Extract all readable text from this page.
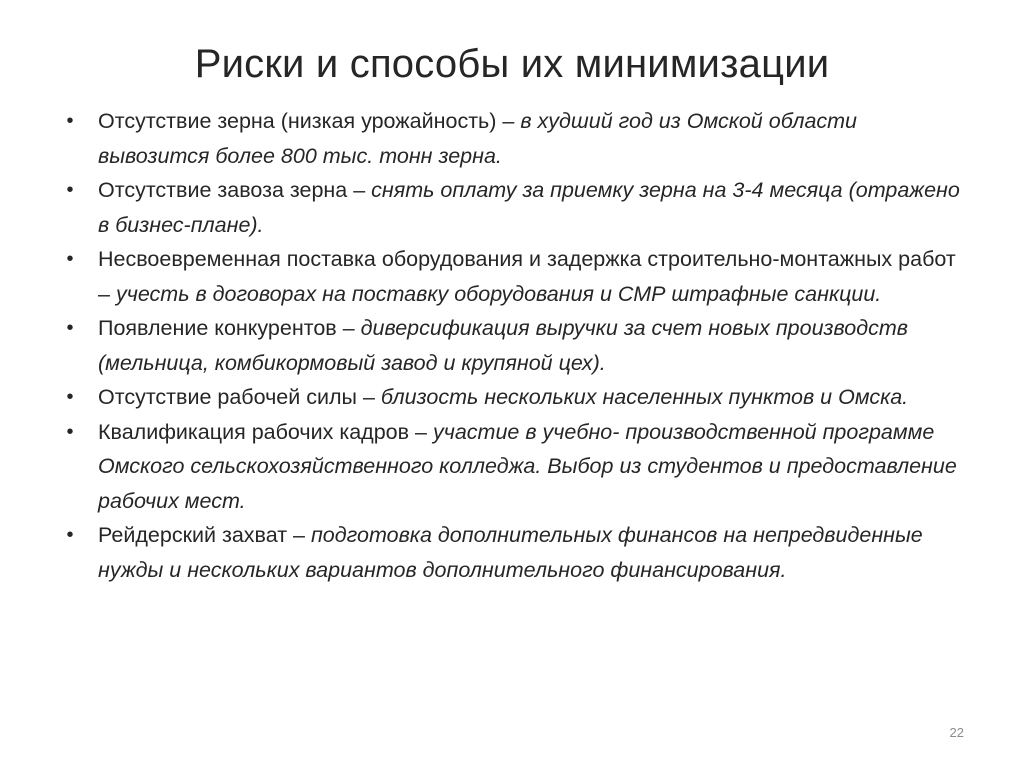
Риски и способы их минимизации
•	Отсутствие зерна (низкая урожайность) – в худший год из Омской области вывозится более 800 тыс. тонн зерна.
•	Отсутствие завоза зерна – снять оплату за приемку зерна на 3-4 месяца (отражено в бизнес-плане).
•	Несвоевременная поставка оборудования и задержка строительно-монтажных работ – учесть в договорах на поставку оборудования и СМР штрафные санкции.
•	Появление конкурентов – диверсификация выручки за счет новых производств (мельница, комбикормовый завод и крупяной цех).
•	Отсутствие рабочей силы – близость нескольких населенных пунктов и Омска.
•	Квалификация рабочих кадров – участие в учебно- производственной программе Омского сельскохозяйственного колледжа. Выбор из студентов и предоставление рабочих мест.
•	Рейдерский захват – подготовка дополнительных финансов на непредвиденные нужды и нескольких вариантов дополнительного финансирования.
22
